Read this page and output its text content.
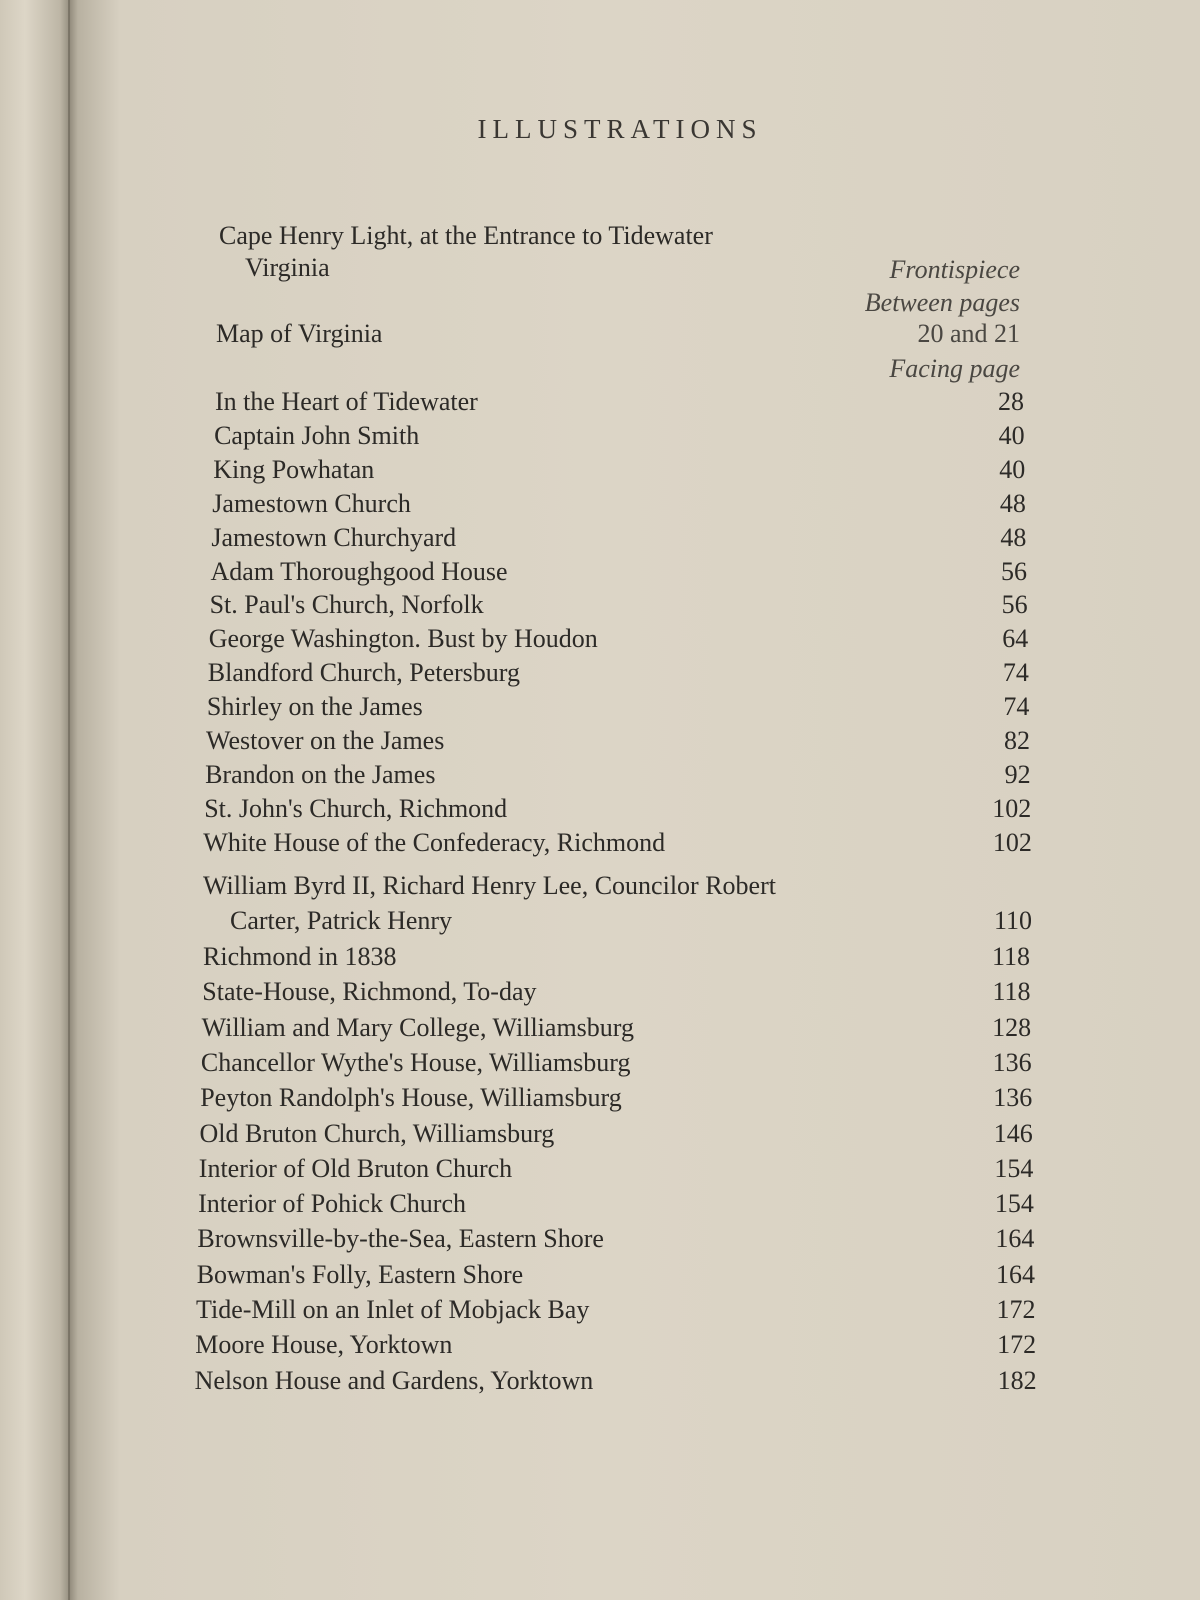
ILLUSTRATIONS
Cape Henry Light, at the Entrance to Tidewater
Virginia	Frontispiece
Between pages
Map of Virginia	20 and 21
Facing page
In the Heart of Tidewater	28
Captain John Smith	40
King Powhatan	40
Jamestown Church	48
Jamestown Churchyard	48
Adam Thoroughgood House	56
St. Paul's Church, Norfolk	56
George Washington. Bust by Houdon	64
Blandford Church, Petersburg	74
Shirley on the James	74
Westover on the James	82
Brandon on the James	92
St. John's Church, Richmond	102
White House of the Confederacy, Richmond	102
William Byrd II, Richard Henry Lee, Councilor Robert
Carter, Patrick Henry	110
Richmond in 1838	118
State-House, Richmond, To-day	118
William and Mary College, Williamsburg	128
Chancellor Wythe's House, Williamsburg	136
Peyton Randolph's House, Williamsburg	136
Old Bruton Church, Williamsburg	146
Interior of Old Bruton Church	154
Interior of Pohick Church	154
Brownsville-by-the-Sea, Eastern Shore	164
Bowman's Folly, Eastern Shore	164
Tide-Mill on an Inlet of Mobjack Bay	172
Moore House, Yorktown	172
Nelson House and Gardens, Yorktown	182
